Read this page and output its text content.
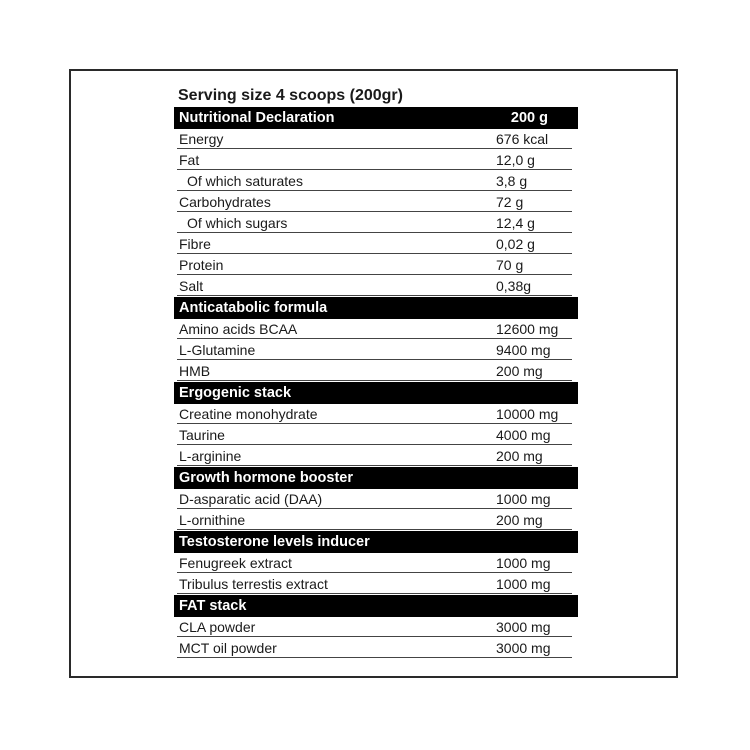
Serving size 4 scoops (200gr)
Nutritional Declaration	200 g
Energy	676 kcal
Fat	12,0 g
Of which saturates	3,8 g
Carbohydrates	72 g
Of which sugars	12,4 g
Fibre	0,02 g
Protein	70 g
Salt	0,38g
Anticatabolic formula
Amino acids BCAA	12600 mg
L-Glutamine	9400 mg
HMB	200 mg
Ergogenic stack
Creatine monohydrate	10000 mg
Taurine	4000 mg
L-arginine	200 mg
Growth hormone booster
D-asparatic acid (DAA)	1000 mg
L-ornithine	200 mg
Testosterone levels inducer
Fenugreek extract	1000 mg
Tribulus terrestis extract	1000 mg
FAT stack
CLA powder	3000 mg
MCT oil powder	3000 mg
